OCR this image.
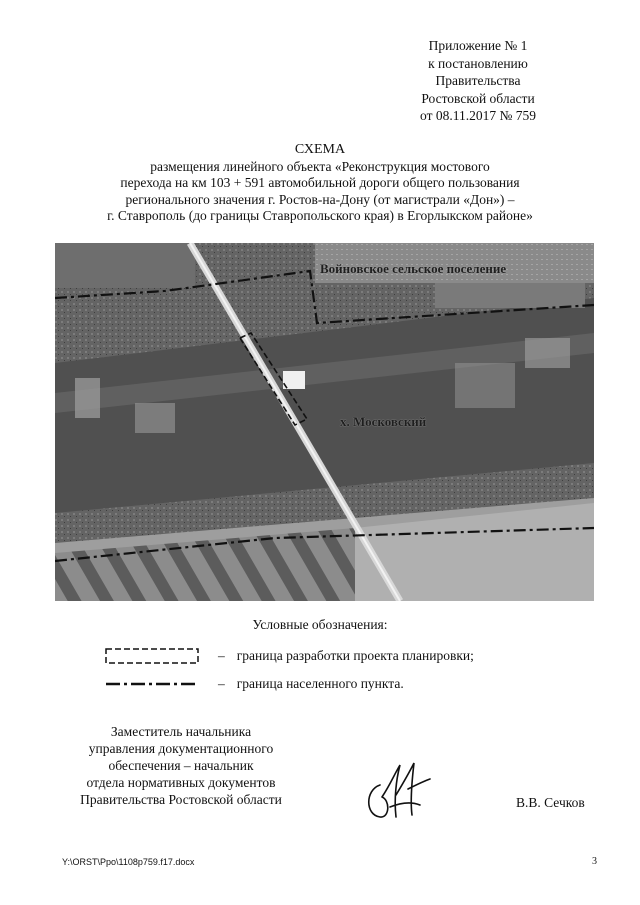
Приложение № 1
к постановлению
Правительства
Ростовской области
от 08.11.2017 № 759
СХЕМА
размещения линейного объекта «Реконструкция мостового
перехода на км 103 + 591 автомобильной дороги общего пользования
регионального значения г. Ростов-на-Дону (от магистрали «Дон») –
г. Ставрополь (до границы Ставропольского края) в Егорлыкском районе»
Войновское сельское поселение
х. Московский
Условные обозначения:
– граница разработки проекта планировки;
– граница населенного пункта.
Заместитель начальника
управления документационного
обеспечения – начальник
отдела нормативных документов
Правительства Ростовской области	В.В. Сечков
Y:\ORST\Ppo\1108p759.f17.docx	3
